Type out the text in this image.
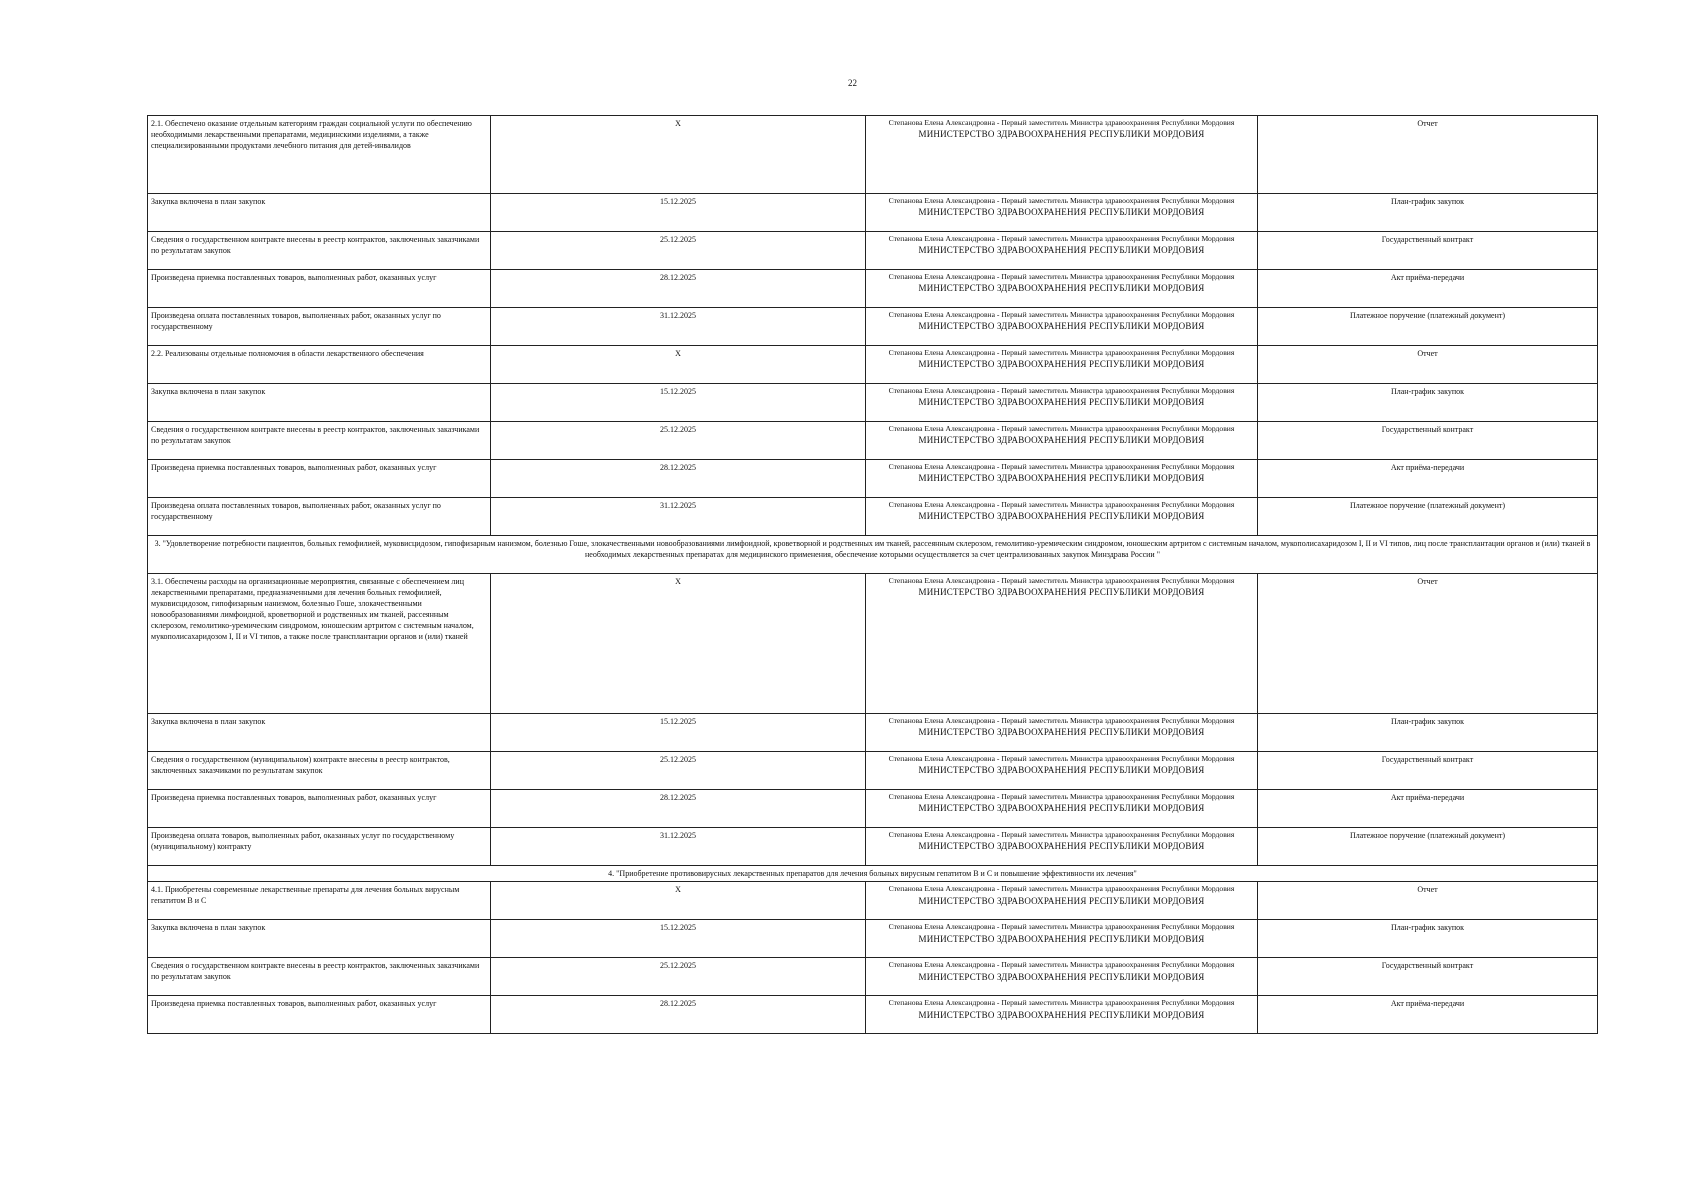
22
2.1. Обеспечено оказание отдельным категориям граждан социальной услуги по обеспечению необходимыми лекарственными препаратами, медицинскими изделиями, а также специализированными продуктами лечебного питания для детей-инвалидов	X	Степанова Елена Александровна - Первый заместитель Министра здравоохранения Республики Мордовия
МИНИСТЕРСТВО ЗДРАВООХРАНЕНИЯ РЕСПУБЛИКИ МОРДОВИЯ	Отчет
Закупка включена в план закупок	15.12.2025	Степанова Елена Александровна - Первый заместитель Министра здравоохранения Республики Мордовия
МИНИСТЕРСТВО ЗДРАВООХРАНЕНИЯ РЕСПУБЛИКИ МОРДОВИЯ	План-график закупок
Сведения о государственном контракте внесены в реестр контрактов, заключенных заказчиками по результатам закупок	25.12.2025	Степанова Елена Александровна - Первый заместитель Министра здравоохранения Республики Мордовия
МИНИСТЕРСТВО ЗДРАВООХРАНЕНИЯ РЕСПУБЛИКИ МОРДОВИЯ	Государственный контракт
Произведена приемка поставленных товаров, выполненных работ, оказанных услуг	28.12.2025	Степанова Елена Александровна - Первый заместитель Министра здравоохранения Республики Мордовия
МИНИСТЕРСТВО ЗДРАВООХРАНЕНИЯ РЕСПУБЛИКИ МОРДОВИЯ	Акт приёма-передачи
Произведена оплата поставленных товаров, выполненных работ, оказанных услуг по государственному	31.12.2025	Степанова Елена Александровна - Первый заместитель Министра здравоохранения Республики Мордовия
МИНИСТЕРСТВО ЗДРАВООХРАНЕНИЯ РЕСПУБЛИКИ МОРДОВИЯ	Платежное поручение (платежный документ)
2.2. Реализованы отдельные полномочия в области лекарственного обеспечения	X	Степанова Елена Александровна - Первый заместитель Министра здравоохранения Республики Мордовия
МИНИСТЕРСТВО ЗДРАВООХРАНЕНИЯ РЕСПУБЛИКИ МОРДОВИЯ	Отчет
Закупка включена в план закупок	15.12.2025	Степанова Елена Александровна - Первый заместитель Министра здравоохранения Республики Мордовия
МИНИСТЕРСТВО ЗДРАВООХРАНЕНИЯ РЕСПУБЛИКИ МОРДОВИЯ	План-график закупок
Сведения о государственном контракте внесены в реестр контрактов, заключенных заказчиками по результатам закупок	25.12.2025	Степанова Елена Александровна - Первый заместитель Министра здравоохранения Республики Мордовия
МИНИСТЕРСТВО ЗДРАВООХРАНЕНИЯ РЕСПУБЛИКИ МОРДОВИЯ	Государственный контракт
Произведена приемка поставленных товаров, выполненных работ, оказанных услуг	28.12.2025	Степанова Елена Александровна - Первый заместитель Министра здравоохранения Республики Мордовия
МИНИСТЕРСТВО ЗДРАВООХРАНЕНИЯ РЕСПУБЛИКИ МОРДОВИЯ	Акт приёма-передачи
Произведена оплата поставленных товаров, выполненных работ, оказанных услуг по государственному	31.12.2025	Степанова Елена Александровна - Первый заместитель Министра здравоохранения Республики Мордовия
МИНИСТЕРСТВО ЗДРАВООХРАНЕНИЯ РЕСПУБЛИКИ МОРДОВИЯ	Платежное поручение (платежный документ)
3. "Удовлетворение потребности пациентов, больных гемофилией, муковисцидозом, гипофизарным нанизмом, болезнью Гоше, злокачественными новообразованиями лимфоидной, кроветворной и родственных им тканей, рассеянным склерозом, гемолитико-уремическим синдромом, юношеским артритом с системным началом, мукополисахаридозом I, II и VI типов, лиц после трансплантации органов и (или) тканей в необходимых лекарственных препаратах для медицинского применения, обеспечение которыми осуществляется за счет централизованных закупок Минздрава России "			
3.1. Обеспечены расходы на организационные мероприятия, связанные с обеспечением лиц лекарственными препаратами, предназначенными для лечения больных гемофилией, муковисцидозом, гипофизарным нанизмом, болезнью Гоше, злокачественными новообразованиями лимфоидной, кроветворной и родственных им тканей, рассеянным склерозом, гемолитико-уремическим синдромом, юношеским артритом с системным началом, мукополисахаридозом I, II и VI типов, а также после трансплантации органов и (или) тканей	X	Степанова Елена Александровна - Первый заместитель Министра здравоохранения Республики Мордовия
МИНИСТЕРСТВО ЗДРАВООХРАНЕНИЯ РЕСПУБЛИКИ МОРДОВИЯ	Отчет
Закупка включена в план закупок	15.12.2025	Степанова Елена Александровна - Первый заместитель Министра здравоохранения Республики Мордовия
МИНИСТЕРСТВО ЗДРАВООХРАНЕНИЯ РЕСПУБЛИКИ МОРДОВИЯ	План-график закупок
Сведения о государственном (муниципальном) контракте внесены в реестр контрактов, заключенных заказчиками по результатам закупок	25.12.2025	Степанова Елена Александровна - Первый заместитель Министра здравоохранения Республики Мордовия
МИНИСТЕРСТВО ЗДРАВООХРАНЕНИЯ РЕСПУБЛИКИ МОРДОВИЯ	Государственный контракт
Произведена приемка поставленных товаров, выполненных работ, оказанных услуг	28.12.2025	Степанова Елена Александровна - Первый заместитель Министра здравоохранения Республики Мордовия
МИНИСТЕРСТВО ЗДРАВООХРАНЕНИЯ РЕСПУБЛИКИ МОРДОВИЯ	Акт приёма-передачи
Произведена оплата товаров, выполненных работ, оказанных услуг по государственному (муниципальному) контракту	31.12.2025	Степанова Елена Александровна - Первый заместитель Министра здравоохранения Республики Мордовия
МИНИСТЕРСТВО ЗДРАВООХРАНЕНИЯ РЕСПУБЛИКИ МОРДОВИЯ	Платежное поручение (платежный документ)
4. "Приобретение противовирусных лекарственных препаратов для лечения больных вирусным гепатитом В и С и повышение эффективности их лечения"			
4.1. Приобретены современные лекарственные препараты для лечения больных вирусным гепатитом В и С	X	Степанова Елена Александровна - Первый заместитель Министра здравоохранения Республики Мордовия
МИНИСТЕРСТВО ЗДРАВООХРАНЕНИЯ РЕСПУБЛИКИ МОРДОВИЯ	Отчет
Закупка включена в план закупок	15.12.2025	Степанова Елена Александровна - Первый заместитель Министра здравоохранения Республики Мордовия
МИНИСТЕРСТВО ЗДРАВООХРАНЕНИЯ РЕСПУБЛИКИ МОРДОВИЯ	План-график закупок
Сведения о государственном контракте внесены в реестр контрактов, заключенных заказчиками по результатам закупок	25.12.2025	Степанова Елена Александровна - Первый заместитель Министра здравоохранения Республики Мордовия
МИНИСТЕРСТВО ЗДРАВООХРАНЕНИЯ РЕСПУБЛИКИ МОРДОВИЯ	Государственный контракт
Произведена приемка поставленных товаров, выполненных работ, оказанных услуг	28.12.2025	Степанова Елена Александровна - Первый заместитель Министра здравоохранения Республики Мордовия
МИНИСТЕРСТВО ЗДРАВООХРАНЕНИЯ РЕСПУБЛИКИ МОРДОВИЯ	Акт приёма-передачи
